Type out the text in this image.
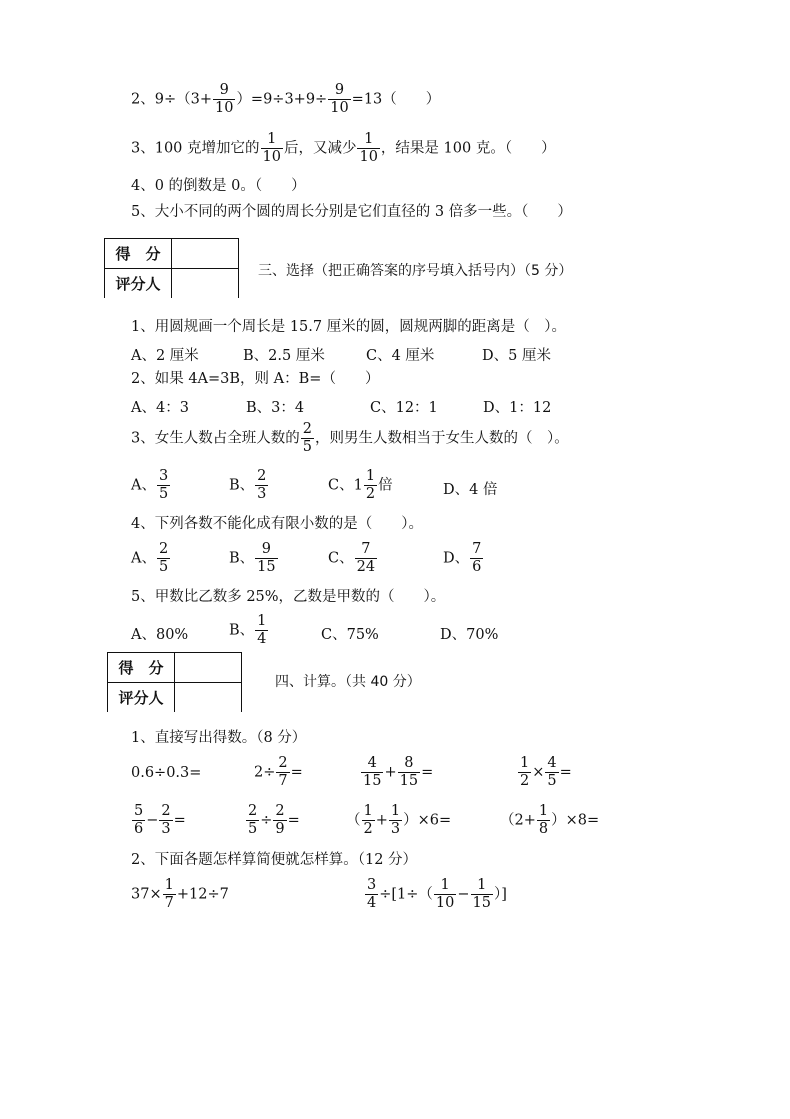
2、$9\div(3+ \frac{9}{10} )=9\div 3+9\div \frac{9}{10} =13$（　　）
3、100 克增加它的 $\frac{1}{10}$ 后，又减少 $\frac{1}{10}$ ，结果是 100 克。（　　）
4、0 的倒数是 0。（　　）
5、大小不同的两个圆的周长分别是它们直径的 3 倍多一些。（　　）
得　分	
评分人	
三、选择（把正确答案的序号填入括号内）（5 分）
1、用圆规画一个周长是 15.7 厘米的圆，圆规两脚的距离是（　）。
A、2 厘米	B、2.5 厘米	C、4 厘米	D、5 厘米
2、如果 4A=3B，则 A：B=（　　）
A、4：3	B、3：4	C、12：1	D、1：12
3、女生人数占全班人数的 $\frac{2}{5}$ ，则男生人数相当于女生人数的（　）。
A、 $\frac{3}{5}$	B、 $\frac{2}{3}$	C、$1 \frac{1}{2}$ 倍	D、4 倍
4、下列各数不能化成有限小数的是（　　）。
A、 $\frac{2}{5}$	B、 $\frac{9}{15}$	C、 $\frac{7}{24}$	D、 $\frac{7}{6}$
5、甲数比乙数多 25%，乙数是甲数的（　　）。
A、80%	B、 $\frac{1}{4}$	C、75%	D、70%
得　分	
评分人	
四、计算。（共 40 分）
1、直接写出得数。（8 分）
0.6÷0.3=	$2\div \frac{2}{7}$ =	$\frac{4}{15} + \frac{8}{15}$ =	$\frac{1}{2} \times \frac{4}{5}$ =
$\frac{5}{6} - \frac{2}{3}$ =	$\frac{2}{5} \div \frac{2}{9}$ =	（ $\frac{1}{2} + \frac{1}{3} )\times 6=$	$(2+ \frac{1}{8} )\times 8=$
2、下面各题怎样算简便就怎样算。（12 分）
$37\times \frac{1}{7} +12\div 7$	$\frac{3}{4} \div[1\div( \frac{1}{10} - \frac{1}{15}$ ）]
